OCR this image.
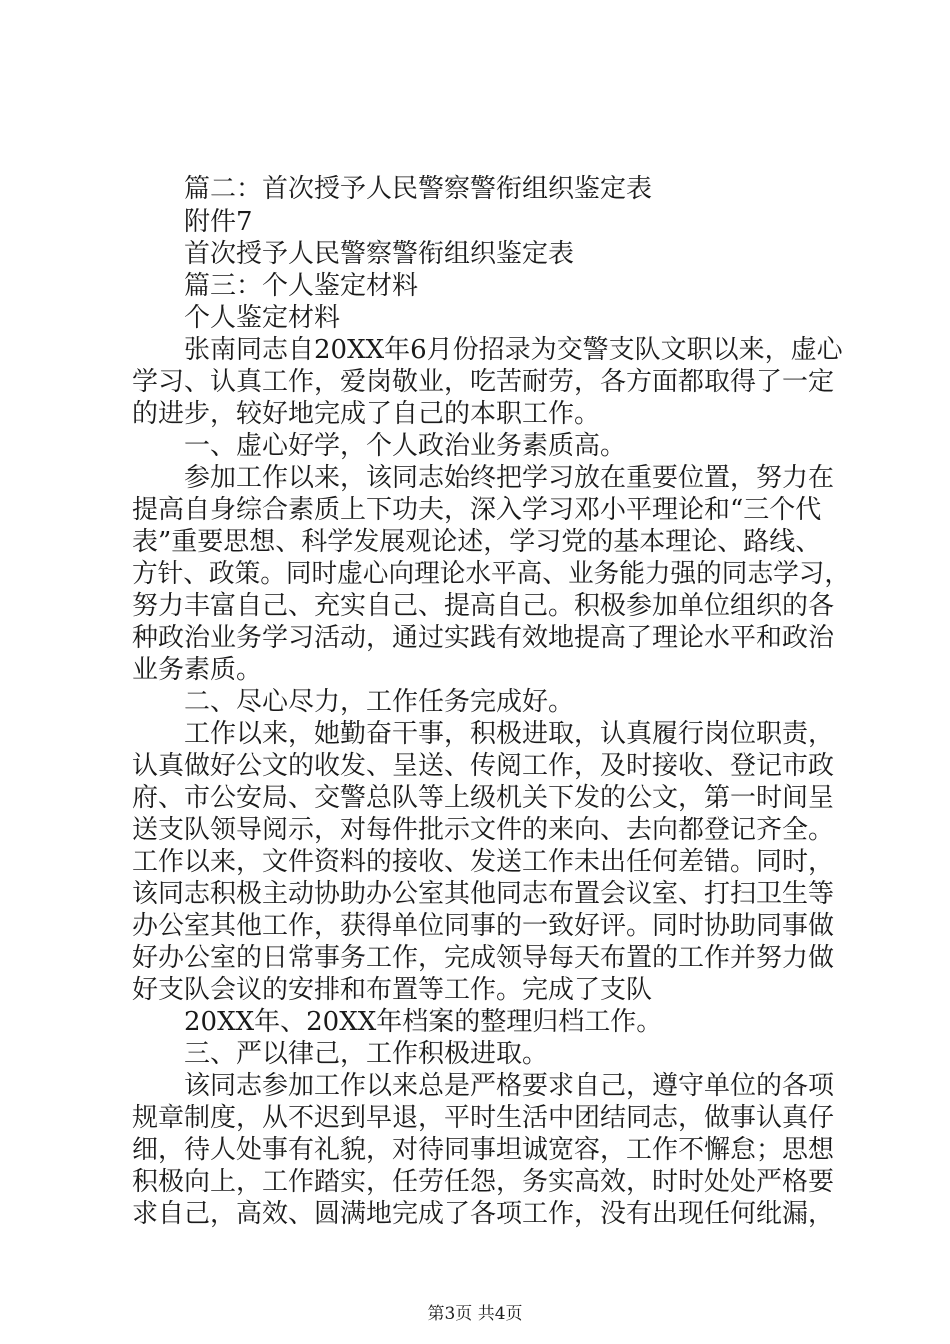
篇二：首次授予人民警察警衔组织鉴定表
附件7
首次授予人民警察警衔组织鉴定表
篇三：个人鉴定材料
个人鉴定材料
张南同志自20XX年6月份招录为交警支队文职以来，虚心
学习、认真工作，爱岗敬业，吃苦耐劳，各方面都取得了一定
的进步，较好地完成了自己的本职工作。
一、虚心好学，个人政治业务素质高。
参加工作以来，该同志始终把学习放在重要位置，努力在
提高自身综合素质上下功夫，深入学习邓小平理论和“三个代
表”重要思想、科学发展观论述，学习党的基本理论、路线、
方针、政策。同时虚心向理论水平高、业务能力强的同志学习，
努力丰富自己、充实自己、提高自己。积极参加单位组织的各
种政治业务学习活动，通过实践有效地提高了理论水平和政治
业务素质。
二、尽心尽力，工作任务完成好。
工作以来，她勤奋干事，积极进取，认真履行岗位职责，
认真做好公文的收发、呈送、传阅工作，及时接收、登记市政
府、市公安局、交警总队等上级机关下发的公文，第一时间呈
送支队领导阅示，对每件批示文件的来向、去向都登记齐全。
工作以来，文件资料的接收、发送工作未出任何差错。同时，
该同志积极主动协助办公室其他同志布置会议室、打扫卫生等
办公室其他工作，获得单位同事的一致好评。同时协助同事做
好办公室的日常事务工作，完成领导每天布置的工作并努力做
好支队会议的安排和布置等工作。完成了支队
20XX年、20XX年档案的整理归档工作。
三、严以律己，工作积极进取。
该同志参加工作以来总是严格要求自己，遵守单位的各项
规章制度，从不迟到早退，平时生活中团结同志，做事认真仔
细，待人处事有礼貌，对待同事坦诚宽容，工作不懈怠；思想
积极向上，工作踏实，任劳任怨，务实高效，时时处处严格要
求自己，高效、圆满地完成了各项工作，没有出现任何纰漏，
第3页 共4页
